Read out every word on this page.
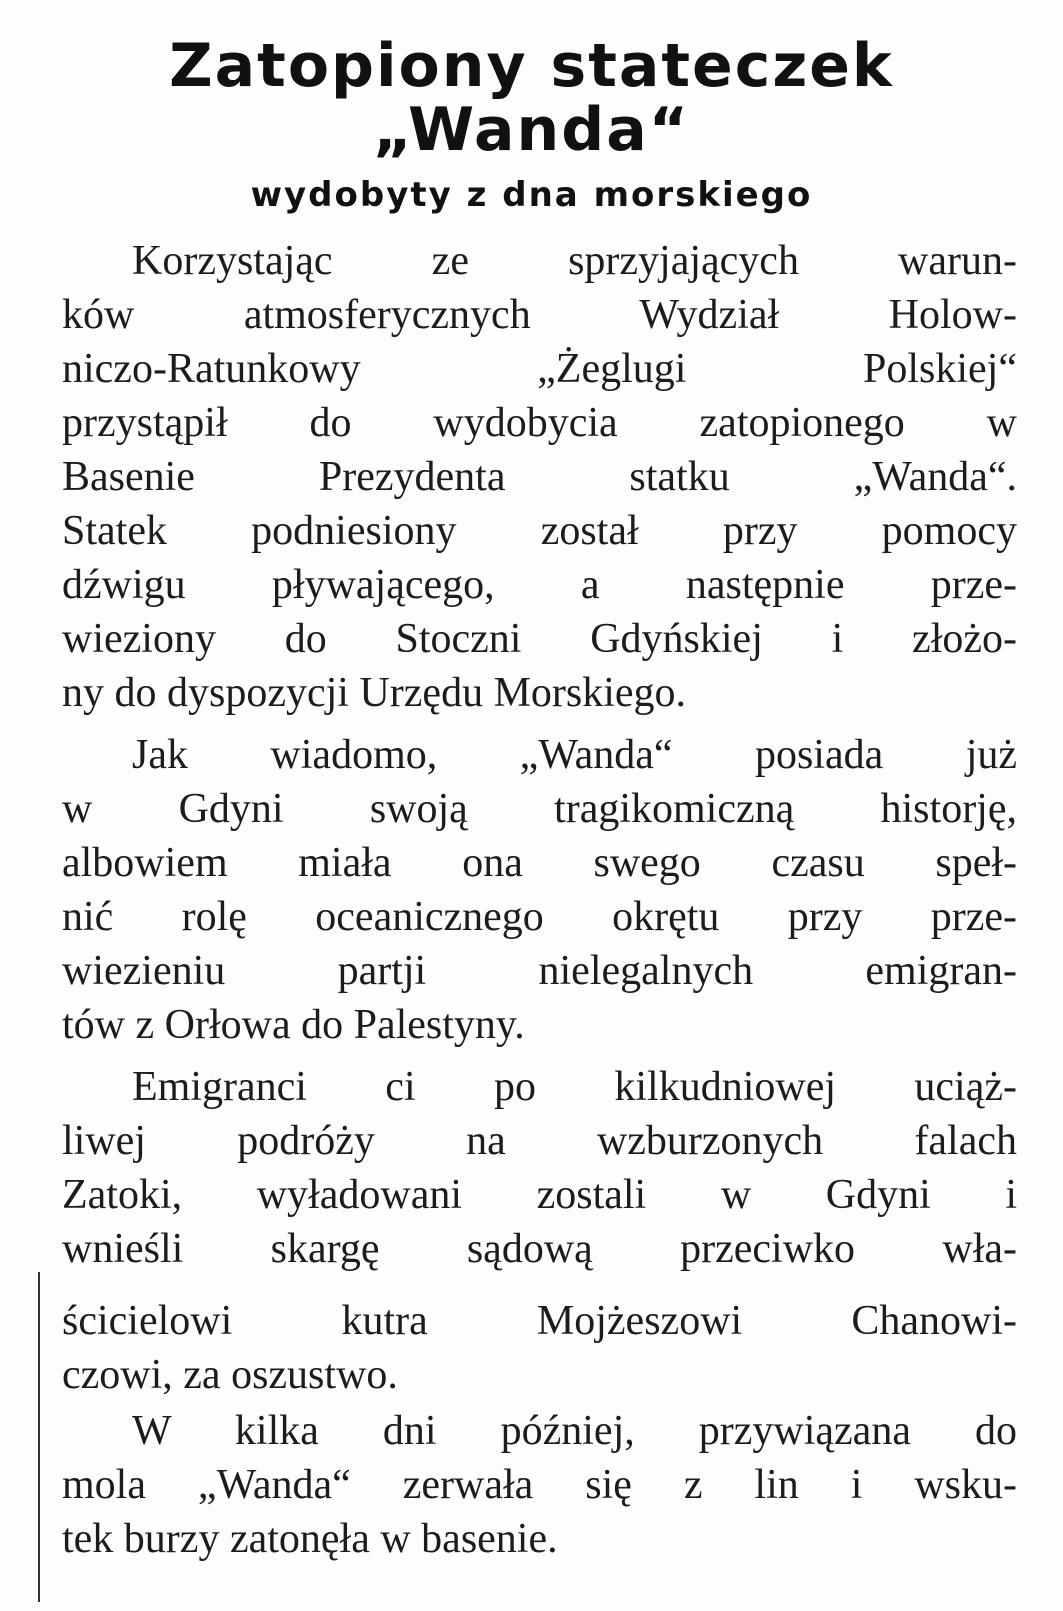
Zatopiony stateczek
„Wanda“
wydobyty z dna morskiego
Korzystając ze sprzyjających warun-
ków atmosferycznych Wydział Holow-
niczo-Ratunkowy „Żeglugi Polskiej“
przystąpił do wydobycia zatopionego w
Basenie Prezydenta statku „Wanda“.
Statek podniesiony został przy pomocy
dźwigu pływającego, a następnie prze-
wieziony do Stoczni Gdyńskiej i złożo-
ny do dyspozycji Urzędu Morskiego.
Jak wiadomo, „Wanda“ posiada już
w Gdyni swoją tragikomiczną historję,
albowiem miała ona swego czasu speł-
nić rolę oceanicznego okrętu przy prze-
wiezieniu partji nielegalnych emigran-
tów z Orłowa do Palestyny.
Emigranci ci po kilkudniowej uciąż-
liwej podróży na wzburzonych falach
Zatoki, wyładowani zostali w Gdyni i
wnieśli skargę sądową przeciwko wła-
ścicielowi kutra Mojżeszowi Chanowi-
czowi, za oszustwo.
W kilka dni później, przywiązana do
mola „Wanda“ zerwała się z lin i wsku-
tek burzy zatonęła w basenie.
